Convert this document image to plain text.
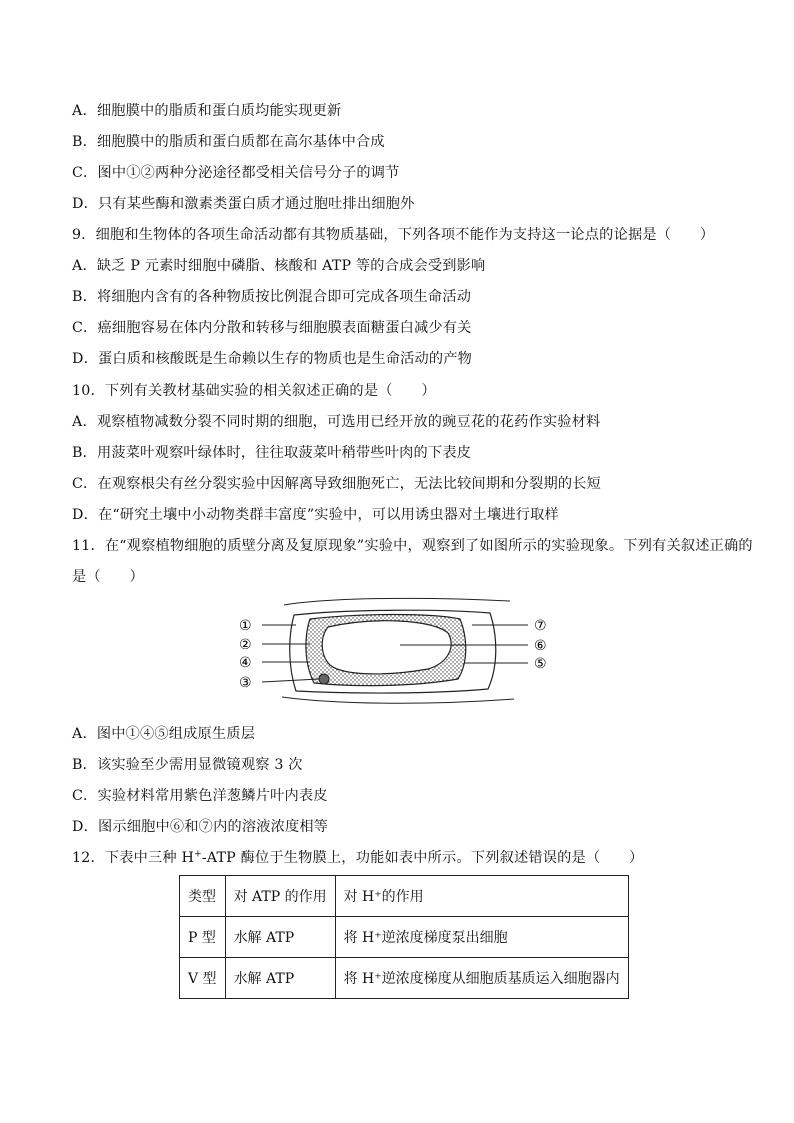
A．细胞膜中的脂质和蛋白质均能实现更新
B．细胞膜中的脂质和蛋白质都在高尔基体中合成
C．图中①②两种分泌途径都受相关信号分子的调节
D．只有某些酶和激素类蛋白质才通过胞吐排出细胞外
9．细胞和生物体的各项生命活动都有其物质基础，下列各项不能作为支持这一论点的论据是（　　）
A．缺乏 P 元素时细胞中磷脂、核酸和 ATP 等的合成会受到影响
B．将细胞内含有的各种物质按比例混合即可完成各项生命活动
C．癌细胞容易在体内分散和转移与细胞膜表面糖蛋白减少有关
D．蛋白质和核酸既是生命赖以生存的物质也是生命活动的产物
10．下列有关教材基础实验的相关叙述正确的是（　　）
A．观察植物减数分裂不同时期的细胞，可选用已经开放的豌豆花的花药作实验材料
B．用菠菜叶观察叶绿体时，往往取菠菜叶稍带些叶肉的下表皮
C．在观察根尖有丝分裂实验中因解离导致细胞死亡，无法比较间期和分裂期的长短
D．在“研究土壤中小动物类群丰富度”实验中，可以用诱虫器对土壤进行取样
11．在“观察植物细胞的质壁分离及复原现象”实验中，观察到了如图所示的实验现象。下列有关叙述正确的
是（　　）
①
②
④
③
⑦
⑥
⑤
A．图中①④⑤组成原生质层
B．该实验至少需用显微镜观察 3 次
C．实验材料常用紫色洋葱鳞片叶内表皮
D．图示细胞中⑥和⑦内的溶液浓度相等
12．下表中三种 H+-ATP 酶位于生物膜上，功能如表中所示。下列叙述错误的是（　　）
类型	对 ATP 的作用	对 H⁺的作用
P 型	水解 ATP	将 H⁺逆浓度梯度泵出细胞
V 型	水解 ATP	将 H⁺逆浓度梯度从细胞质基质运入细胞器内
